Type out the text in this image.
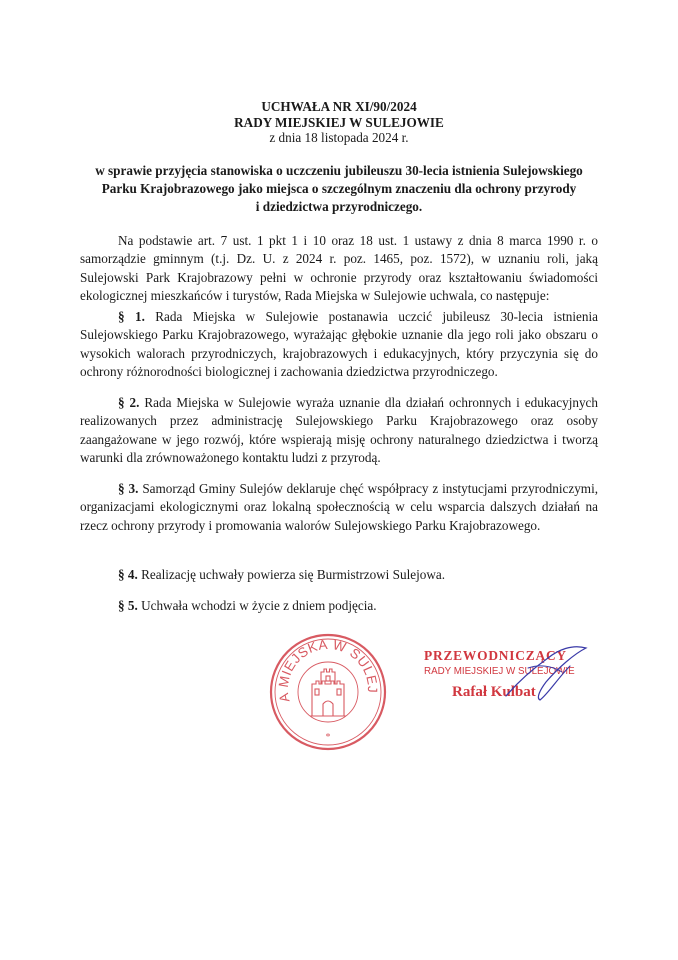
UCHWAŁA NR XI/90/2024
RADY MIEJSKIEJ W SULEJOWIE
z dnia 18 listopada 2024 r.
w sprawie przyjęcia stanowiska o uczczeniu jubileuszu 30-lecia istnienia Sulejowskiego
Parku Krajobrazowego jako miejsca o szczególnym znaczeniu dla ochrony przyrody
i dziedzictwa przyrodniczego.
Na podstawie art. 7 ust. 1 pkt 1 i 10 oraz 18 ust. 1 ustawy z dnia 8 marca 1990 r. o samorządzie gminnym (t.j. Dz. U. z 2024 r. poz. 1465, poz. 1572), w uznaniu roli, jaką Sulejowski Park Krajobrazowy pełni w ochronie przyrody oraz kształtowaniu świadomości ekologicznej mieszkańców i turystów, Rada Miejska w Sulejowie uchwala, co następuje:
§ 1. Rada Miejska w Sulejowie postanawia uczcić jubileusz 30-lecia istnienia Sulejowskiego Parku Krajobrazowego, wyrażając głębokie uznanie dla jego roli jako obszaru o wysokich walorach przyrodniczych, krajobrazowych i edukacyjnych, który przyczynia się do ochrony różnorodności biologicznej i zachowania dziedzictwa przyrodniczego.
§ 2. Rada Miejska w Sulejowie wyraża uznanie dla działań ochronnych i edukacyjnych realizowanych przez administrację Sulejowskiego Parku Krajobrazowego oraz osoby zaangażowane w jego rozwój, które wspierają misję ochrony naturalnego dziedzictwa i tworzą warunki dla zrównoważonego kontaktu ludzi z przyrodą.
§ 3. Samorząd Gminy Sulejów deklaruje chęć współpracy z instytucjami przyrodniczymi, organizacjami ekologicznymi oraz lokalną społecznością w celu wsparcia dalszych działań na rzecz ochrony przyrody i promowania walorów Sulejowskiego Parku Krajobrazowego.
§ 4. Realizację uchwały powierza się Burmistrzowi Sulejowa.
§ 5. Uchwała wchodzi w życie z dniem podjęcia.
A MIEJSKA W SULEJ
*
PRZEWODNICZĄCY
RADY MIEJSKIEJ W SULEJOWIE
Rafał Kulbat
